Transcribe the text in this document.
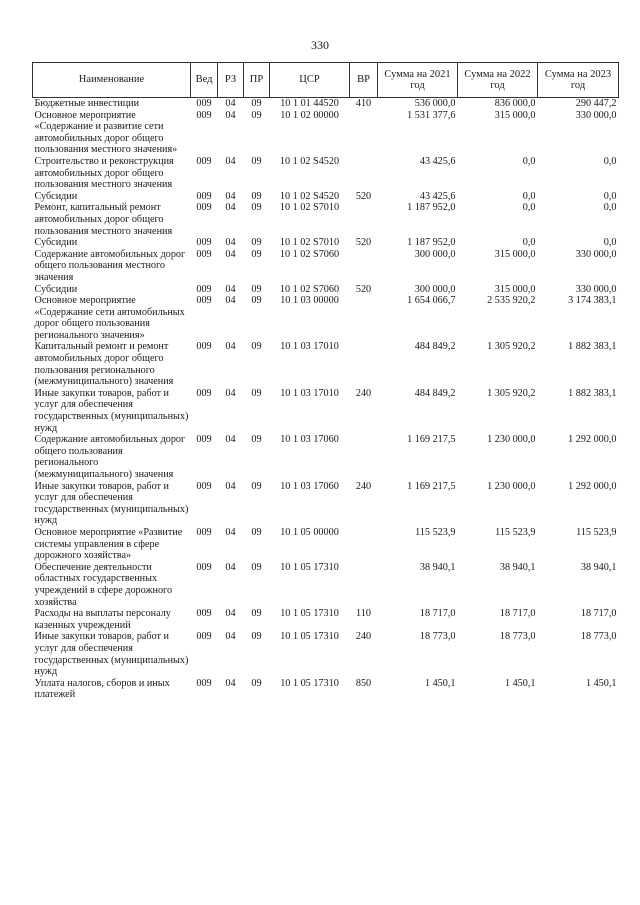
330
Наименование	Вед	РЗ	ПР	ЦСР	ВР	Сумма на 2021 год	Сумма на 2022 год	Сумма на 2023 год
Бюджетные инвестиции	009	04	09	10 1 01 44520	410	536 000,0	836 000,0	290 447,2
Основное мероприятие «Содержание и развитие сети автомобильных дорог общего пользования местного значения»	009	04	09	10 1 02 00000		1 531 377,6	315 000,0	330 000,0
Строительство и реконструкция автомобильных дорог общего пользования местного значения	009	04	09	10 1 02 S4520		43 425,6	0,0	0,0
Субсидии	009	04	09	10 1 02 S4520	520	43 425,6	0,0	0,0
Ремонт, капитальный ремонт автомобильных дорог общего пользования местного значения	009	04	09	10 1 02 S7010		1 187 952,0	0,0	0,0
Субсидии	009	04	09	10 1 02 S7010	520	1 187 952,0	0,0	0,0
Содержание автомобильных дорог общего пользования местного значения	009	04	09	10 1 02 S7060		300 000,0	315 000,0	330 000,0
Субсидии	009	04	09	10 1 02 S7060	520	300 000,0	315 000,0	330 000,0
Основное мероприятие «Содержание сети автомобильных дорог общего пользования регионального значения»	009	04	09	10 1 03 00000		1 654 066,7	2 535 920,2	3 174 383,1
Капитальный ремонт и ремонт автомобильных дорог общего пользования регионального (межмуниципального) значения	009	04	09	10 1 03 17010		484 849,2	1 305 920,2	1 882 383,1
Иные закупки товаров, работ и услуг для обеспечения государственных (муниципальных) нужд	009	04	09	10 1 03 17010	240	484 849,2	1 305 920,2	1 882 383,1
Содержание автомобильных дорог общего пользования регионального (межмуниципального) значения	009	04	09	10 1 03 17060		1 169 217,5	1 230 000,0	1 292 000,0
Иные закупки товаров, работ и услуг для обеспечения государственных (муниципальных) нужд	009	04	09	10 1 03 17060	240	1 169 217,5	1 230 000,0	1 292 000,0
Основное мероприятие «Развитие системы управления в сфере дорожного хозяйства»	009	04	09	10 1 05 00000		115 523,9	115 523,9	115 523,9
Обеспечение деятельности областных государственных учреждений в сфере дорожного хозяйства	009	04	09	10 1 05 17310		38 940,1	38 940,1	38 940,1
Расходы на выплаты персоналу казенных учреждений	009	04	09	10 1 05 17310	110	18 717,0	18 717,0	18 717,0
Иные закупки товаров, работ и услуг для обеспечения государственных (муниципальных) нужд	009	04	09	10 1 05 17310	240	18 773,0	18 773,0	18 773,0
Уплата налогов, сборов и иных платежей	009	04	09	10 1 05 17310	850	1 450,1	1 450,1	1 450,1
